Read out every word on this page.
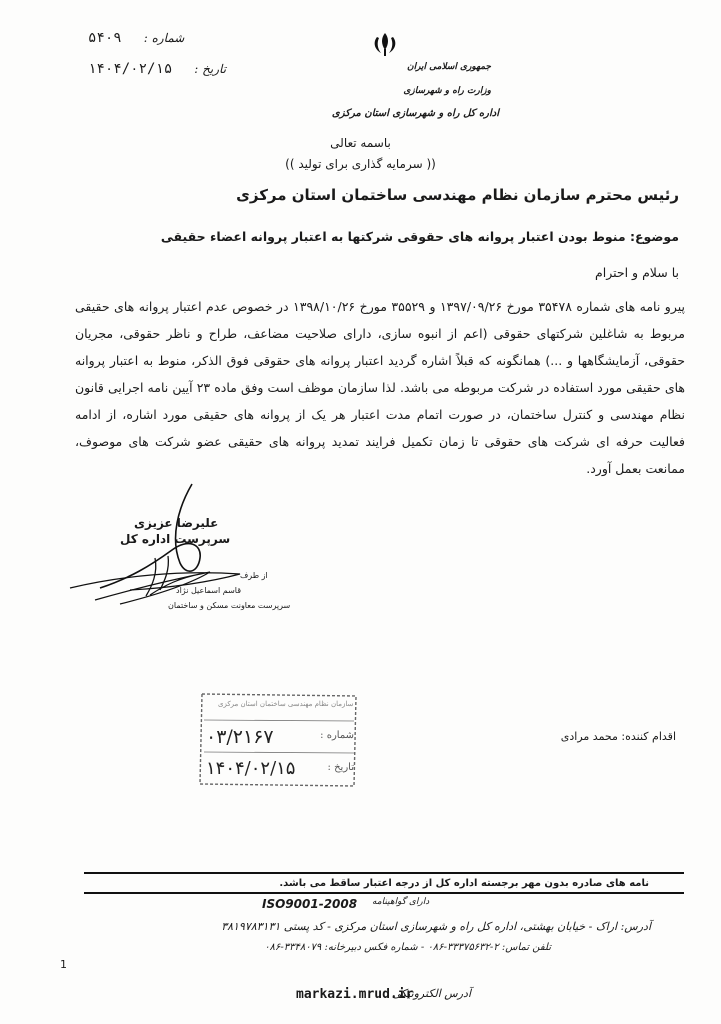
۵۴۰۹ شماره :
۱۴۰۴/۰۲/۱۵ تاریخ :	جمهوری اسلامی ایران
وزارت راه و شهرسازی
اداره کل راه و شهرسازی استان مرکزی
باسمه تعالی
(( سرمایه گذاری برای تولید ))
رئیس محترم سازمان نظام مهندسی ساختمان استان مرکزی
موضوع: منوط بودن اعتبار پروانه های حقوقی شرکتها به اعتبار پروانه اعضاء حقیقی
با سلام و احترام
پیرو نامه های شماره ۳۵۴۷۸ مورخ ۱۳۹۷/۰۹/۲۶ و ۳۵۵۲۹ مورخ ۱۳۹۸/۱۰/۲۶ در خصوص عدم اعتبار پروانه های حقیقی مربوط به شاغلین شرکتهای حقوقی (اعم از انبوه سازی، دارای صلاحیت مضاعف، طراح و ناظر حقوقی، مجریان حقوقی، آزمایشگاهها و ...) همانگونه که قبلاً اشاره گردید اعتبار پروانه های حقوقی فوق الذکر، منوط به اعتبار پروانه های حقیقی مورد استفاده در شرکت مربوطه می باشد. لذا سازمان موظف است وفق ماده ۲۳ آیین نامه اجرایی قانون نظام مهندسی و کنترل ساختمان، در صورت اتمام مدت اعتبار هر یک از پروانه های حقیقی مورد اشاره، از ادامه فعالیت حرفه ای شرکت های حقوقی تا زمان تکمیل فرایند تمدید پروانه های حقیقی عضو شرکت های موصوف، ممانعت بعمل آورد.
علیرضا عزیزی
سرپرست اداره کل
از طرف
قاسم اسماعیل نژاد
سرپرست معاونت مسکن و ساختمان
سازمان نظام مهندسی ساختمان استان مرکزی
۰۳/۲۱۶۷	شماره :
۱۴۰۴/۰۲/۱۵	تاریخ :
اقدام کننده: محمد مرادی
نامه های صادره بدون مهر برجسته اداره کل از درجه اعتبار ساقط می باشد.
ISO9001-2008 دارای گواهینامه
آدرس: اراک - خیابان بهشتی، اداره کل راه و شهرسازی استان مرکزی - کد پستی ۳۸۱۹۷۸۳۱۳۱
تلفن تماس: ۲-۳۳۳۷۵۶۳۲-۰۸۶ - شماره فکس دبیرخانه: ۳۳۴۸۰۷۹-۰۸۶
1
markazi.mrud.ir
آدرس الکترونیکی
